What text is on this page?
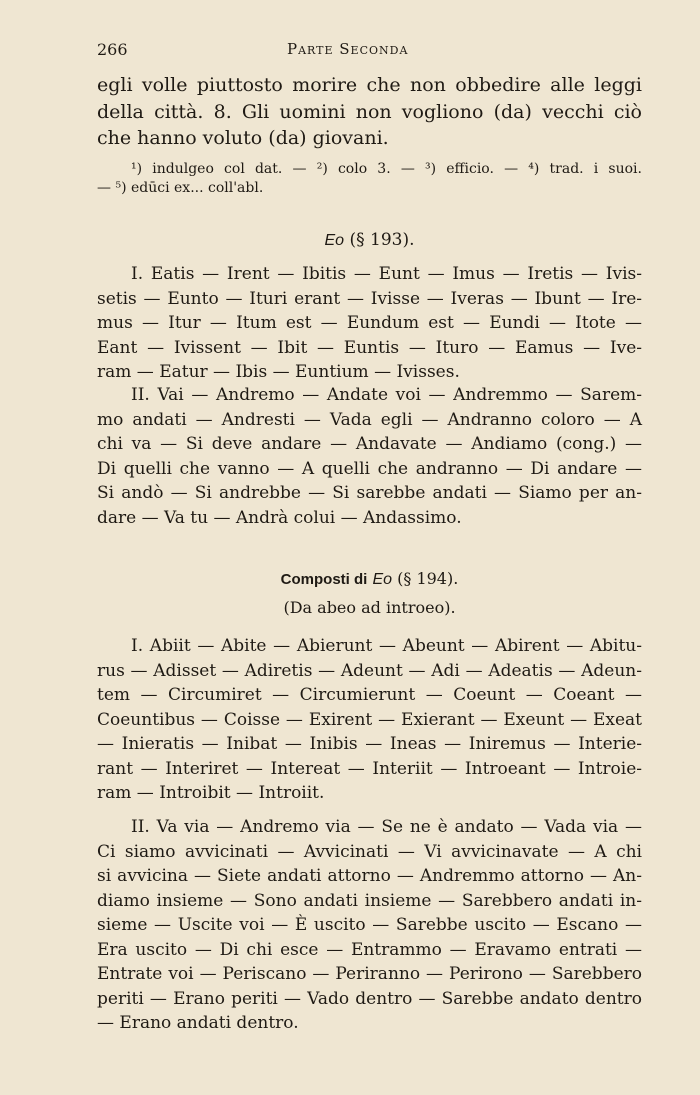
266	Parte Seconda
egli volle piuttosto morire che non obbedire alle leggi
della città. 8. Gli uomini non vogliono (da) vecchi ciò
che hanno voluto (da) giovani.
¹) indulgeo col dat. — ²) colo 3. — ³) efficio. — ⁴) trad. i suoi.
— ⁵) edūci ex... coll'abl.
Eo (§ 193).
I. Eatis — Irent — Ibitis — Eunt — Imus — Iretis — Ivis-
setis — Eunto — Ituri erant — Ivisse — Iveras — Ibunt — Ire-
mus — Itur — Itum est — Eundum est — Eundi — Itote —
Eant — Ivissent — Ibit — Euntis — Ituro — Eamus — Ive-
ram — Eatur — Ibis — Euntium — Ivisses.
II. Vai — Andremo — Andate voi — Andremmo — Sarem-
mo andati — Andresti — Vada egli — Andranno coloro — A
chi va — Si deve andare — Andavate — Andiamo (cong.) —
Di quelli che vanno — A quelli che andranno — Di andare —
Si andò — Si andrebbe — Si sarebbe andati — Siamo per an-
dare — Va tu — Andrà colui — Andassimo.
Composti di Eo (§ 194).
(Da abeo ad introeo).
I. Abiit — Abite — Abierunt — Abeunt — Abirent — Abitu-
rus — Adisset — Adiretis — Adeunt — Adi — Adeatis — Adeun-
tem — Circumiret — Circumierunt — Coeunt — Coeant —
Coeuntibus — Coisse — Exirent — Exierant — Exeunt — Exeat
— Inieratis — Inibat — Inibis — Ineas — Iniremus — Interie-
rant — Interiret — Intereat — Interiit — Introeant — Introie-
ram — Introibit — Introiit.
II. Va via — Andremo via — Se ne è andato — Vada via —
Ci siamo avvicinati — Avvicinati — Vi avvicinavate — A chi
si avvicina — Siete andati attorno — Andremmo attorno — An-
diamo insieme — Sono andati insieme — Sarebbero andati in-
sieme — Uscite voi — È uscito — Sarebbe uscito — Escano —
Era uscito — Di chi esce — Entrammo — Eravamo entrati —
Entrate voi — Periscano — Periranno — Perirono — Sarebbero
periti — Erano periti — Vado dentro — Sarebbe andato dentro
— Erano andati dentro.
